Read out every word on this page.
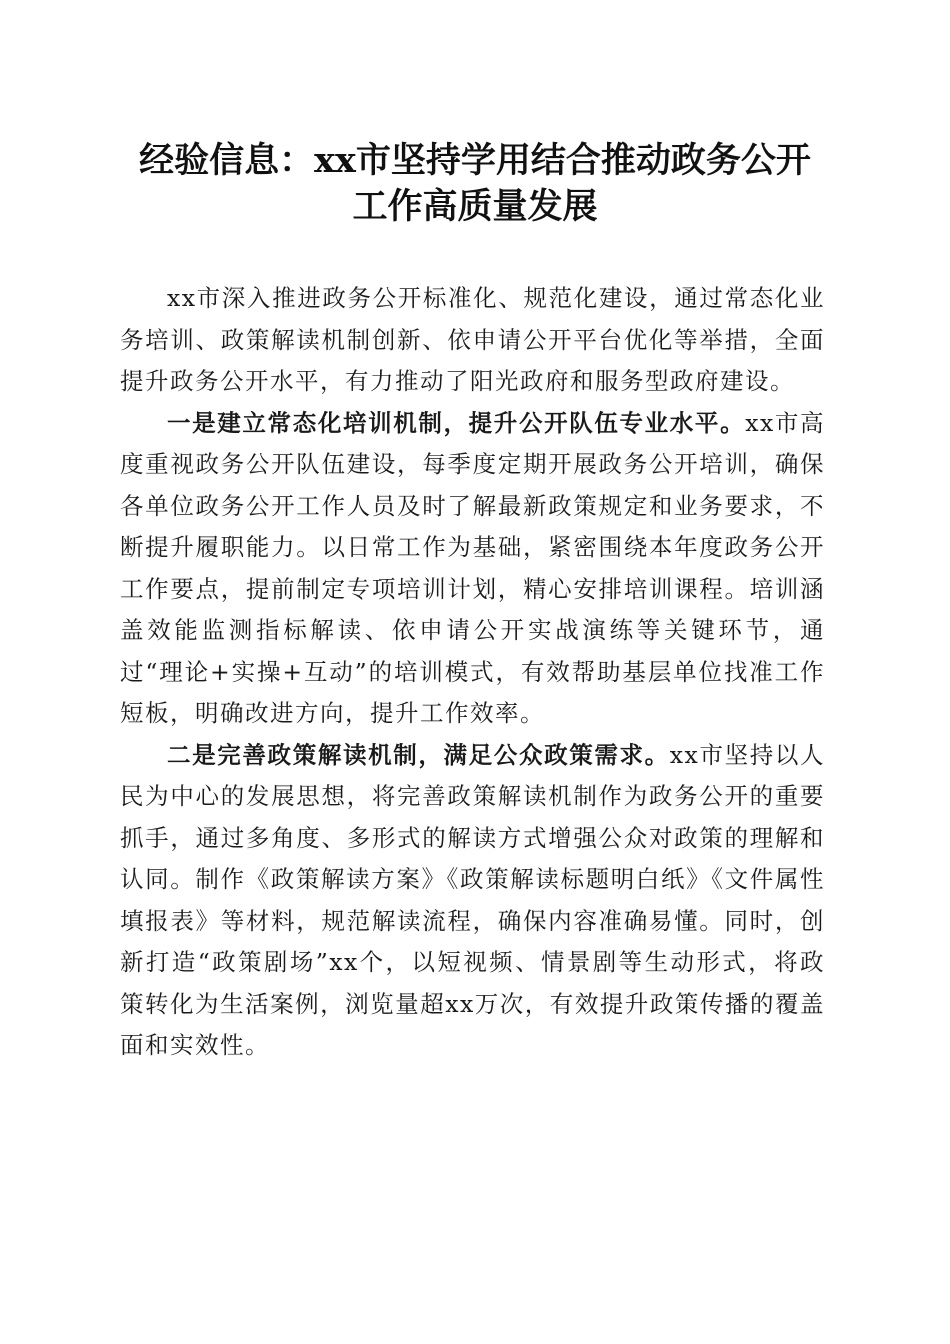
经验信息：xx市坚持学用结合推动政务公开
工作高质量发展

xx市深入推进政务公开标准化、规范化建设，通过常态化业务培训、政策解读机制创新、依申请公开平台优化等举措，全面提升政务公开水平，有力推动了阳光政府和服务型政府建设。

一是建立常态化培训机制，提升公开队伍专业水平。xx市高度重视政务公开队伍建设，每季度定期开展政务公开培训，确保各单位政务公开工作人员及时了解最新政策规定和业务要求，不断提升履职能力。以日常工作为基础，紧密围绕本年度政务公开工作要点，提前制定专项培训计划，精心安排培训课程。培训涵盖效能监测指标解读、依申请公开实战演练等关键环节，通过“理论+实操+互动”的培训模式，有效帮助基层单位找准工作短板，明确改进方向，提升工作效率。

二是完善政策解读机制，满足公众政策需求。xx市坚持以人民为中心的发展思想，将完善政策解读机制作为政务公开的重要抓手，通过多角度、多形式的解读方式增强公众对政策的理解和认同。制作《政策解读方案》《政策解读标题明白纸》《文件属性填报表》等材料，规范解读流程，确保内容准确易懂。同时，创新打造“政策剧场”xx个，以短视频、情景剧等生动形式，将政策转化为生活案例，浏览量超xx万次，有效提升政策传播的覆盖面和实效性。
